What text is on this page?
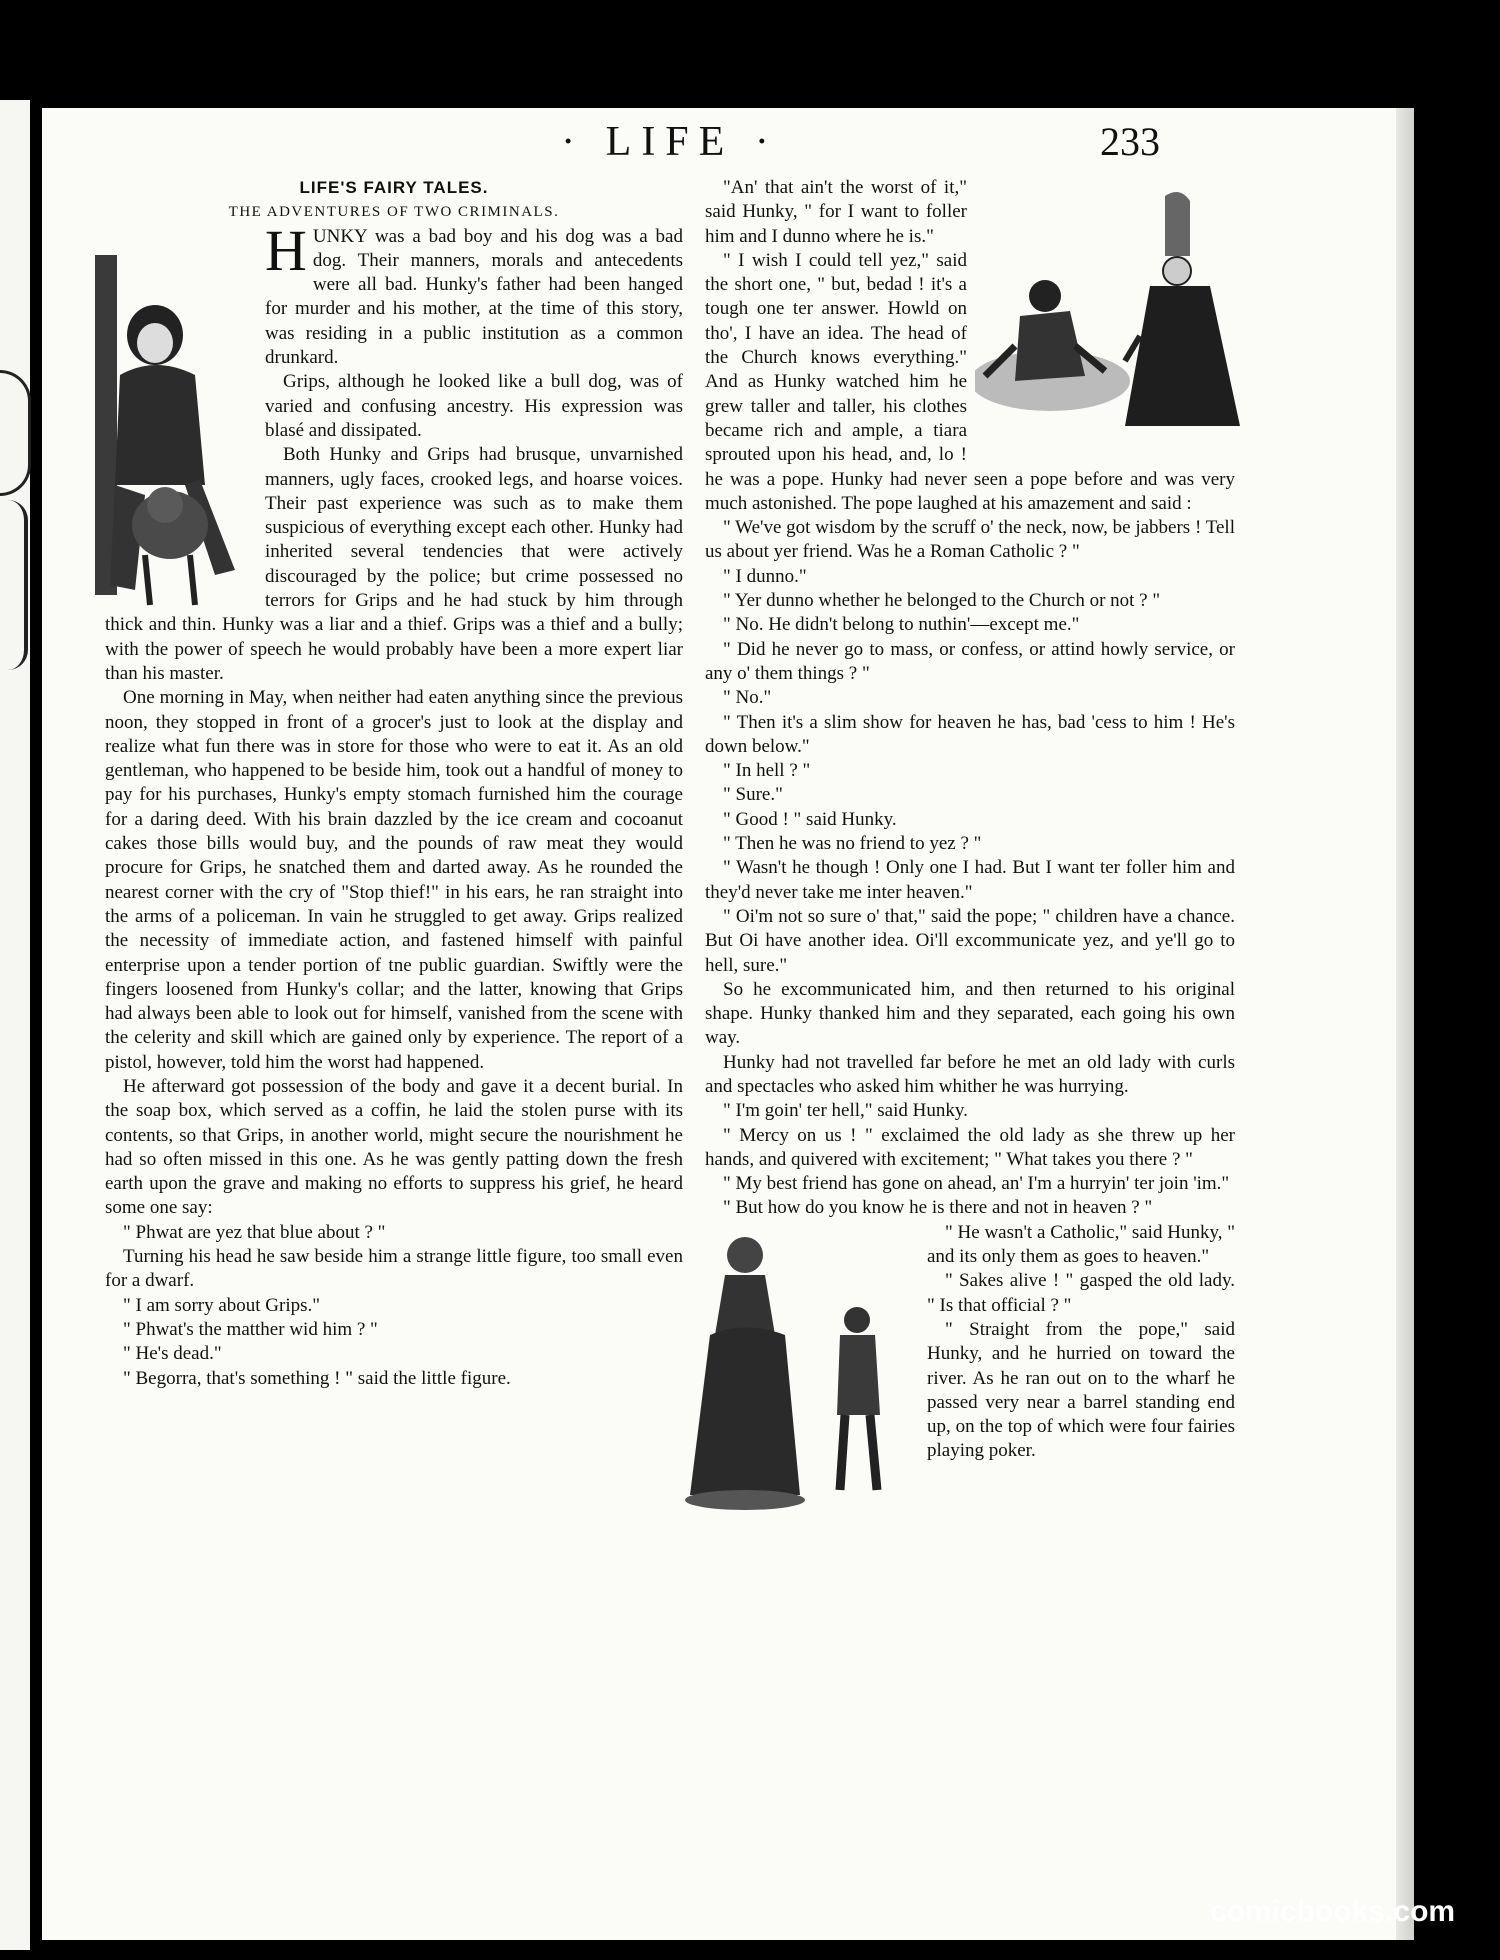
· LIFE ·	233

LIFE'S FAIRY TALES.

THE ADVENTURES OF TWO CRIMINALS.

HUNKY was a bad boy and his dog was a bad dog. Their manners, morals and antecedents were all bad. Hunky's father had been hanged for murder and his mother, at the time of this story, was residing in a public institution as a common drunkard.

Grips, although he looked like a bull dog, was of varied and confusing ancestry. His expression was blasé and dissipated.

Both Hunky and Grips had brusque, unvarnished manners, ugly faces, crooked legs, and hoarse voices. Their past experience was such as to make them suspicious of everything except each other. Hunky had inherited several tendencies that were actively discouraged by the police; but crime possessed no terrors for Grips and he had stuck by him through thick and thin. Hunky was a liar and a thief. Grips was a thief and a bully; with the power of speech he would probably have been a more expert liar than his master.

One morning in May, when neither had eaten anything since the previous noon, they stopped in front of a grocer's just to look at the display and realize what fun there was in store for those who were to eat it. As an old gentleman, who happened to be beside him, took out a handful of money to pay for his purchases, Hunky's empty stomach furnished him the courage for a daring deed. With his brain dazzled by the ice cream and cocoanut cakes those bills would buy, and the pounds of raw meat they would procure for Grips, he snatched them and darted away. As he rounded the nearest corner with the cry of "Stop thief!" in his ears, he ran straight into the arms of a policeman. In vain he struggled to get away. Grips realized the necessity of immediate action, and fastened himself with painful enterprise upon a tender portion of tne public guardian. Swiftly were the fingers loosened from Hunky's collar; and the latter, knowing that Grips had always been able to look out for himself, vanished from the scene with the celerity and skill which are gained only by experience. The report of a pistol, however, told him the worst had happened.

He afterward got possession of the body and gave it a decent burial. In the soap box, which served as a coffin, he laid the stolen purse with its contents, so that Grips, in another world, might secure the nourishment he had so often missed in this one. As he was gently patting down the fresh earth upon the grave and making no efforts to suppress his grief, he heard some one say:

" Phwat are yez that blue about ? "

Turning his head he saw beside him a strange little figure, too small even for a dwarf.

" I am sorry about Grips."

" Phwat's the matther wid him ? "

" He's dead."

" Begorra, that's something ! " said the little figure.

"An' that ain't the worst of it," said Hunky, " for I want to foller him and I dunno where he is."

" I wish I could tell yez," said the short one, " but, bedad ! it's a tough one ter answer. Howld on tho', I have an idea. The head of the Church knows everything." And as Hunky watched him he grew taller and taller, his clothes became rich and ample, a tiara sprouted upon his head, and, lo ! he was a pope. Hunky had never seen a pope before and was very much astonished. The pope laughed at his amazement and said :

" We've got wisdom by the scruff o' the neck, now, be jabbers ! Tell us about yer friend. Was he a Roman Catholic ? "

" I dunno."

" Yer dunno whether he belonged to the Church or not ? "

" No. He didn't belong to nuthin'—except me."

" Did he never go to mass, or confess, or attind howly service, or any o' them things ? "

" No."

" Then it's a slim show for heaven he has, bad 'cess to him ! He's down below."

" In hell ? "

" Sure."

" Good ! " said Hunky.

" Then he was no friend to yez ? "

" Wasn't he though ! Only one I had. But I want ter foller him and they'd never take me inter heaven."

" Oi'm not so sure o' that," said the pope; " children have a chance. But Oi have another idea. Oi'll excommunicate yez, and ye'll go to hell, sure."

So he excommunicated him, and then returned to his original shape. Hunky thanked him and they separated, each going his own way.

Hunky had not travelled far before he met an old lady with curls and spectacles who asked him whither he was hurrying.

" I'm goin' ter hell," said Hunky.

" Mercy on us ! " exclaimed the old lady as she threw up her hands, and quivered with excitement; " What takes you there ? "

" My best friend has gone on ahead, an' I'm a hurryin' ter join 'im."

" But how do you know he is there and not in heaven ? "

" He wasn't a Catholic," said Hunky, " and its only them as goes to heaven."

" Sakes alive ! " gasped the old lady. " Is that official ? "

" Straight from the pope," said Hunky, and he hurried on toward the river. As he ran out on to the wharf he passed very near a barrel standing end up, on the top of which were four fairies playing poker.

comicbooks.com
